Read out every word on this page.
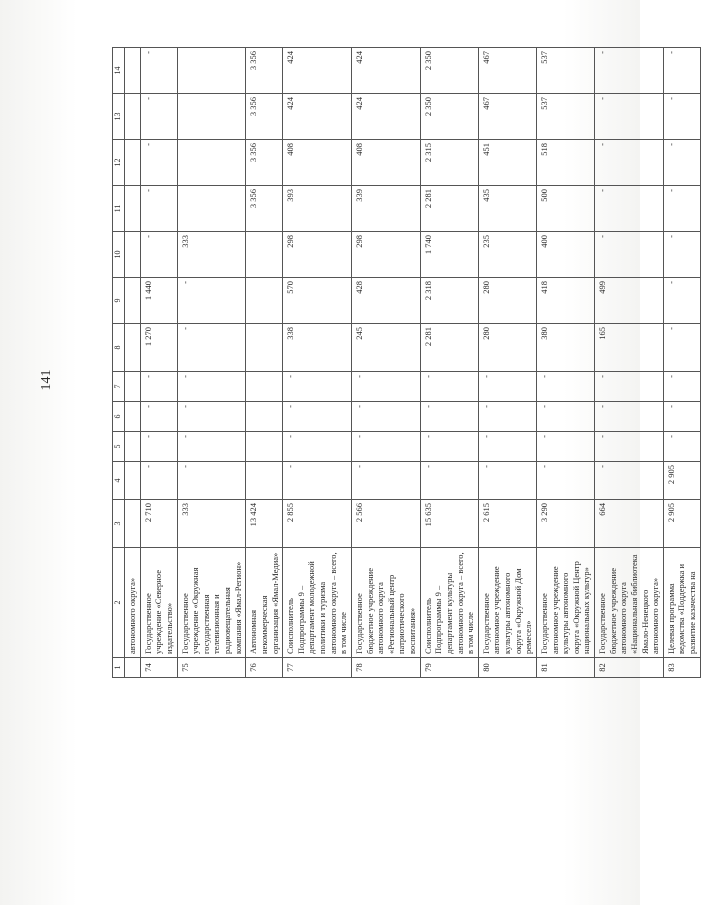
141
1	2	3	4	5	6	7	8	9	10	11	12	13	14
	автономного округа»												
74	Государственное учреждение «Северное издательство»	2 710	-	-	-	-	1 270	1 440	-	-	-	-	-
75	Государственное учреждение «Окружная государственная телевизионная и радиовещательная компания «Ямал-Регион»	333	-	-	-	-	-	-	333				
76	Автономная некоммерческая организация «Ямал-Медиа»	13 424								3 356	3 356	3 356	3 356
77	Соисполнитель Подпрограммы 9 – департамент молодежной политики и туризма автономного округа – всего, в том числе	2 855	-	-	-	-	338	570	298	393	408	424	424
78	Государственное бюджетное учреждение автономного округа «Региональный центр патриотического воспитания»	2 566	-	-	-	-	245	428	298	339	408	424	424
79	Соисполнитель Подпрограммы 9 – департамент культуры автономного округа – всего, в том числе	15 635	-	-	-	-	2 281	2 318	1 740	2 281	2 315	2 350	2 350
80	Государственное автономное учреждение культуры автономного округа «Окружной Дом ремесел»	2 615	-	-	-	-	280	280	235	435	451	467	467
81	Государственное автономное учреждение культуры автономного округа «Окружной Центр национальных культур»	3 290	-	-	-	-	380	418	400	500	518	537	537
82	Государственное бюджетное учреждение автономного округа «Национальная библиотека Ямало-Ненецкого автономного округа»	664	-	-	-	-	165	499	-	-	-	-	-
83	Целевая программа ведомства «Поддержка и развитие казачества на	2 905	2 905	-	-	-	-	-	-	-	-	-	-
